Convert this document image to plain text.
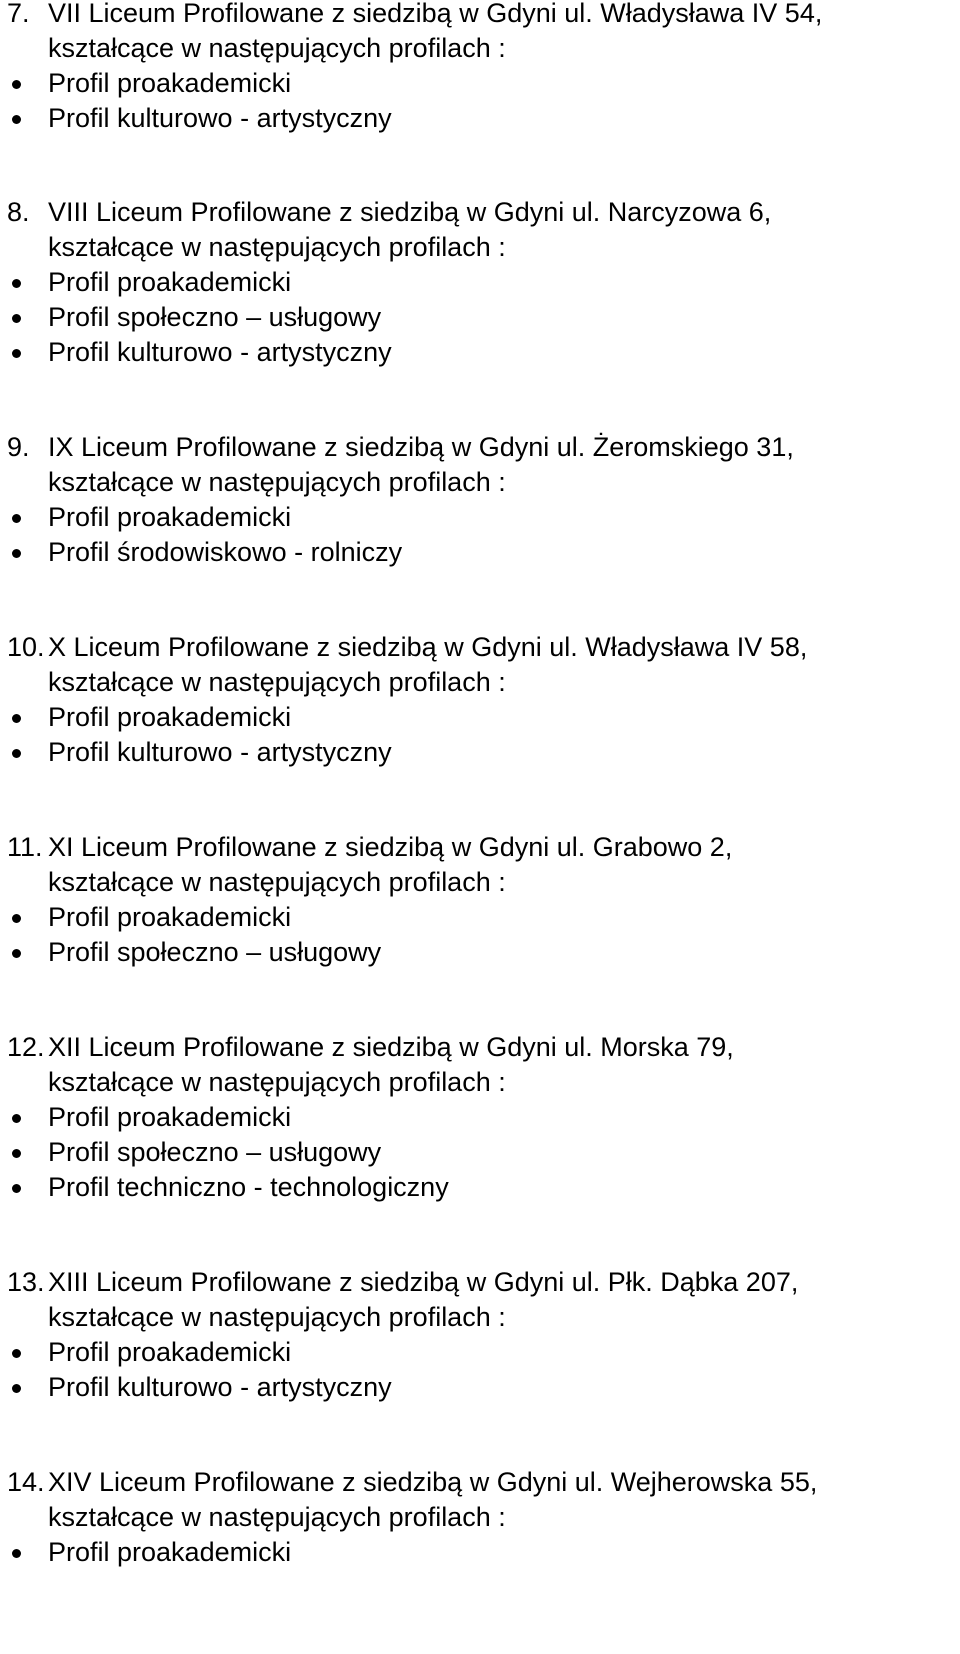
7. VII Liceum Profilowane z siedzibą w Gdyni ul. Władysława IV 54,
kształcące w następujących profilach :
Profil proakademicki
Profil kulturowo - artystyczny
8. VIII Liceum Profilowane z siedzibą w Gdyni ul. Narcyzowa 6,
kształcące w następujących profilach :
Profil proakademicki
Profil społeczno – usługowy
Profil kulturowo - artystyczny
9. IX Liceum Profilowane z siedzibą w Gdyni ul. Żeromskiego 31,
kształcące w następujących profilach :
Profil proakademicki
Profil środowiskowo - rolniczy
10. X Liceum Profilowane z siedzibą w Gdyni ul. Władysława IV 58,
kształcące w następujących profilach :
Profil proakademicki
Profil kulturowo - artystyczny
11. XI Liceum Profilowane z siedzibą w Gdyni ul. Grabowo 2,
kształcące w następujących profilach :
Profil proakademicki
Profil społeczno – usługowy
12. XII Liceum Profilowane z siedzibą w Gdyni ul. Morska 79,
kształcące w następujących profilach :
Profil proakademicki
Profil społeczno – usługowy
Profil techniczno - technologiczny
13. XIII Liceum Profilowane z siedzibą w Gdyni ul. Płk. Dąbka 207,
kształcące w następujących profilach :
Profil proakademicki
Profil kulturowo - artystyczny
14. XIV Liceum Profilowane z siedzibą w Gdyni ul. Wejherowska 55,
kształcące w następujących profilach :
Profil proakademicki
